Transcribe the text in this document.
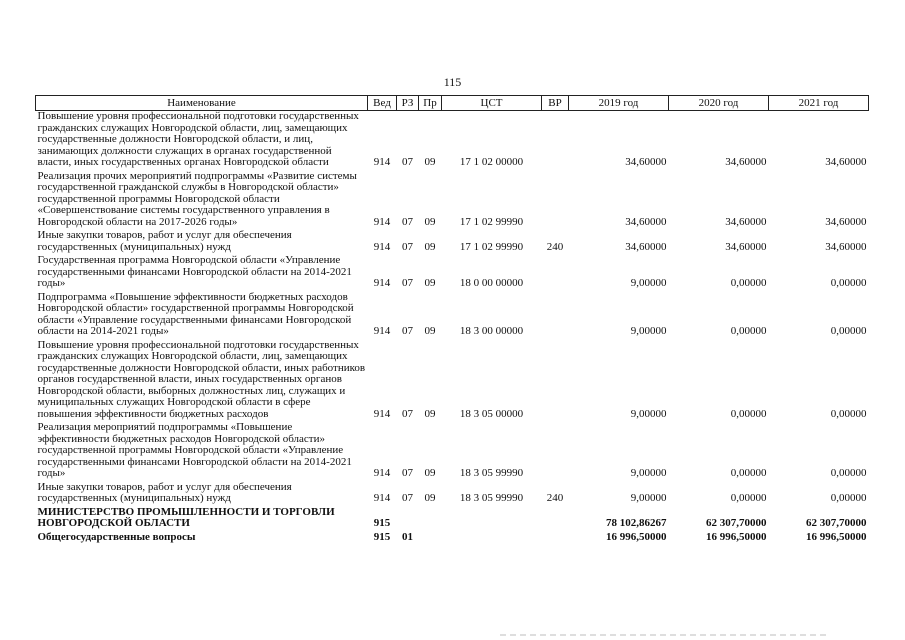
115
Наименование	Вед	РЗ	Пр	ЦСТ	ВР	2019 год	2020 год	2021 год
Повышение уровня профессиональной подготовки государственных гражданских служащих Новгородской области, лиц, замещающих государственные должности Новгородской области, и лиц, занимающих должности служащих в органах государственной власти, иных государственных органах Новгородской области	914	07	09	17 1 02 00000		34,60000	34,60000	34,60000
Реализация прочих мероприятий подпрограммы «Развитие системы государственной гражданской службы в Новгородской области» государственной программы Новгородской области «Совершенствование системы государственного управления в Новгородской области на 2017-2026 годы»	914	07	09	17 1 02 99990		34,60000	34,60000	34,60000
Иные закупки товаров, работ и услуг для обеспечения государственных (муниципальных) нужд	914	07	09	17 1 02 99990	240	34,60000	34,60000	34,60000
Государственная программа Новгородской области «Управление государственными финансами Новгородской области на 2014-2021 годы»	914	07	09	18 0 00 00000		9,00000	0,00000	0,00000
Подпрограмма «Повышение эффективности бюджетных расходов Новгородской области» государственной программы Новгородской области «Управление государственными финансами Новгородской области на 2014-2021 годы»	914	07	09	18 3 00 00000		9,00000	0,00000	0,00000
Повышение уровня профессиональной подготовки государственных гражданских служащих Новгородской области, лиц, замещающих государственные должности Новгородской области, иных работников органов государственной власти, иных государственных органов Новгородской области, выборных должностных лиц, служащих и муниципальных служащих Новгородской области в сфере повышения эффективности бюджетных расходов	914	07	09	18 3 05 00000		9,00000	0,00000	0,00000
Реализация мероприятий подпрограммы «Повышение эффективности бюджетных расходов Новгородской области» государственной программы Новгородской области «Управление государственными финансами Новгородской области на 2014-2021 годы»	914	07	09	18 3 05 99990		9,00000	0,00000	0,00000
Иные закупки товаров, работ и услуг для обеспечения государственных (муниципальных) нужд	914	07	09	18 3 05 99990	240	9,00000	0,00000	0,00000
МИНИСТЕРСТВО ПРОМЫШЛЕННОСТИ И ТОРГОВЛИ НОВГОРОДСКОЙ ОБЛАСТИ	915					78 102,86267	62 307,70000	62 307,70000
Общегосударственные вопросы	915	01				16 996,50000	16 996,50000	16 996,50000
